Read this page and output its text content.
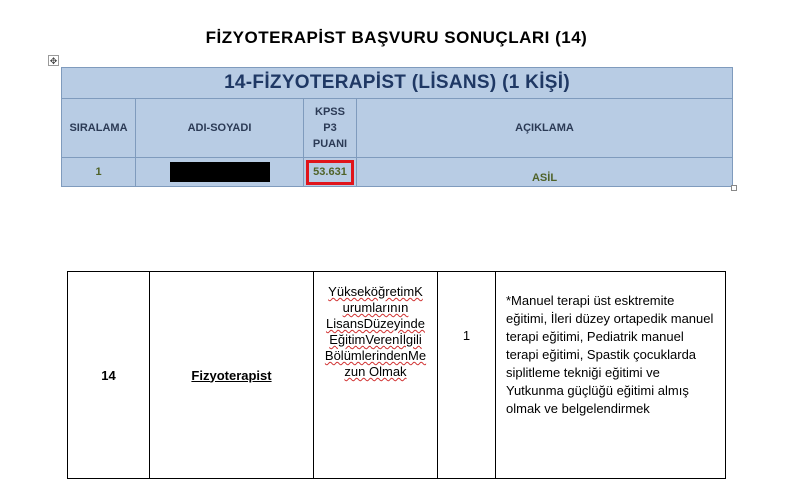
FİZYOTERAPİST BAŞVURU SONUÇLARI (14)
✥
14-FİZYOTERAPİST (LİSANS) (1 KİŞİ)			
SIRALAMA	ADI-SOYADI	KPSS
P3
PUANI	AÇIKLAMA
1		53.631	ASİL
14	Fizyoterapist	YükseköğretimK
urumlarının
LisansDüzeyinde
EğitimVerenİlgili
BölümlerindenMe
zun Olmak	1	*Manuel terapi üst esktremite eğitimi, İleri düzey ortapedik manuel terapi eğitimi, Pediatrik manuel terapi eğitimi, Spastik çocuklarda siplitleme tekniği eğitimi ve Yutkunma güçlüğü eğitimi almış olmak ve belgelendirmek
